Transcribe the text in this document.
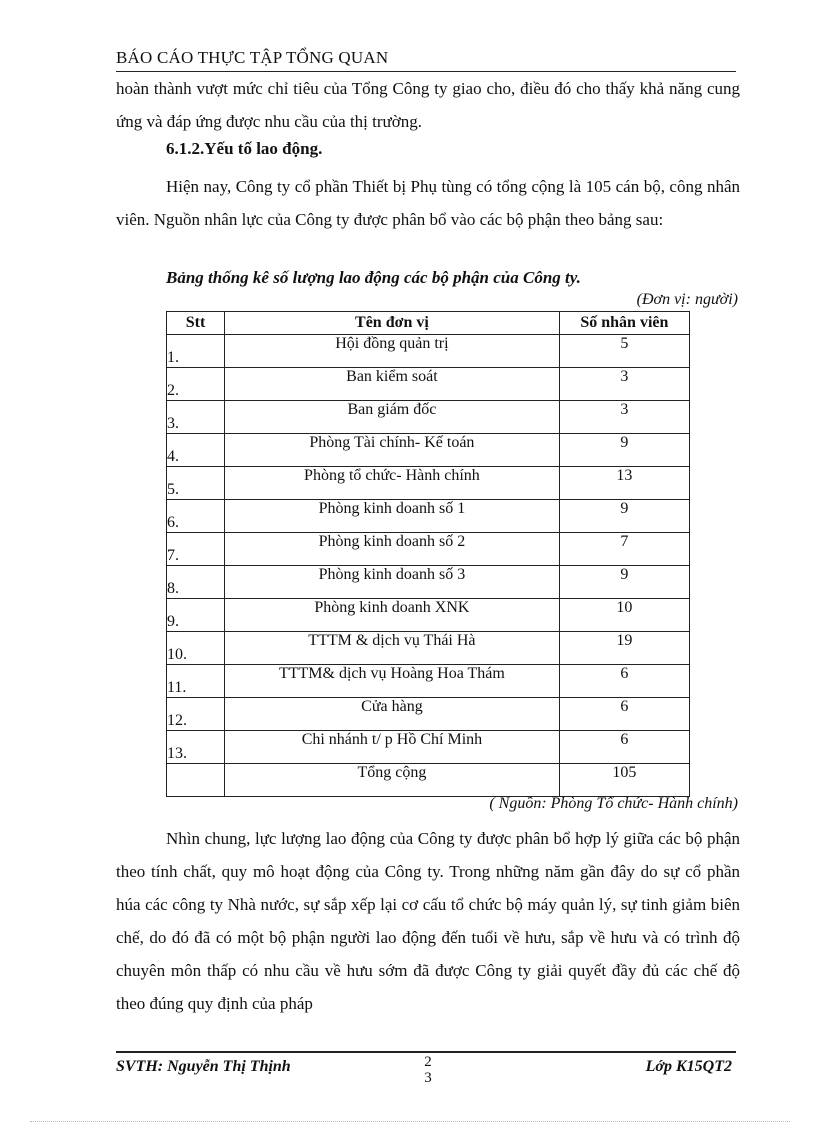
BÁO CÁO THỰC TẬP TỔNG QUAN

hoàn thành vượt mức chỉ tiêu của Tổng Công ty giao cho, điều đó cho thấy khả năng cung ứng và đáp ứng được nhu cầu của thị trường.

6.1.2.Yếu tố lao động.

Hiện nay, Công ty cổ phần Thiết bị Phụ tùng có tổng cộng là 105 cán bộ, công nhân viên. Nguồn nhân lực của Công ty được phân bổ vào các bộ phận theo bảng sau:

Bảng thống kê số lượng lao động các bộ phận của Công ty.
(Đơn vị: người)
Stt	Tên đơn vị	Số nhân viên
1.	Hội đồng quản trị	5
2.	Ban kiểm soát	3
3.	Ban giám đốc	3
4.	Phòng Tài chính- Kế toán	9
5.	Phòng tổ chức- Hành chính	13
6.	Phòng kinh doanh số 1	9
7.	Phòng kinh doanh số 2	7
8.	Phòng kinh doanh số 3	9
9.	Phòng kinh doanh XNK	10
10.	TTTM & dịch vụ Thái Hà	19
11.	TTTM& dịch vụ Hoàng Hoa Thám	6
12.	Cửa hàng	6
13.	Chi nhánh t/ p Hồ Chí Minh	6
	Tổng cộng	105
( Nguồn: Phòng Tổ chức- Hành chính)

Nhìn chung, lực lượng lao động của Công ty được phân bổ hợp lý giữa các bộ phận theo tính chất, quy mô hoạt động của Công ty. Trong những năm gần đây do sự cổ phần húa các công ty Nhà nước, sự sắp xếp lại cơ cấu tổ chức bộ máy quản lý, sự tinh giảm biên chế, do đó đã có một bộ phận người lao động đến tuổi về hưu, sắp về hưu và có trình độ chuyên môn thấp có nhu cầu về hưu sớm đã được Công ty giải quyết đầy đủ các chế độ theo đúng quy định của pháp

SVTH: Nguyễn Thị Thịnh	2
3
Lớp K15QT2
